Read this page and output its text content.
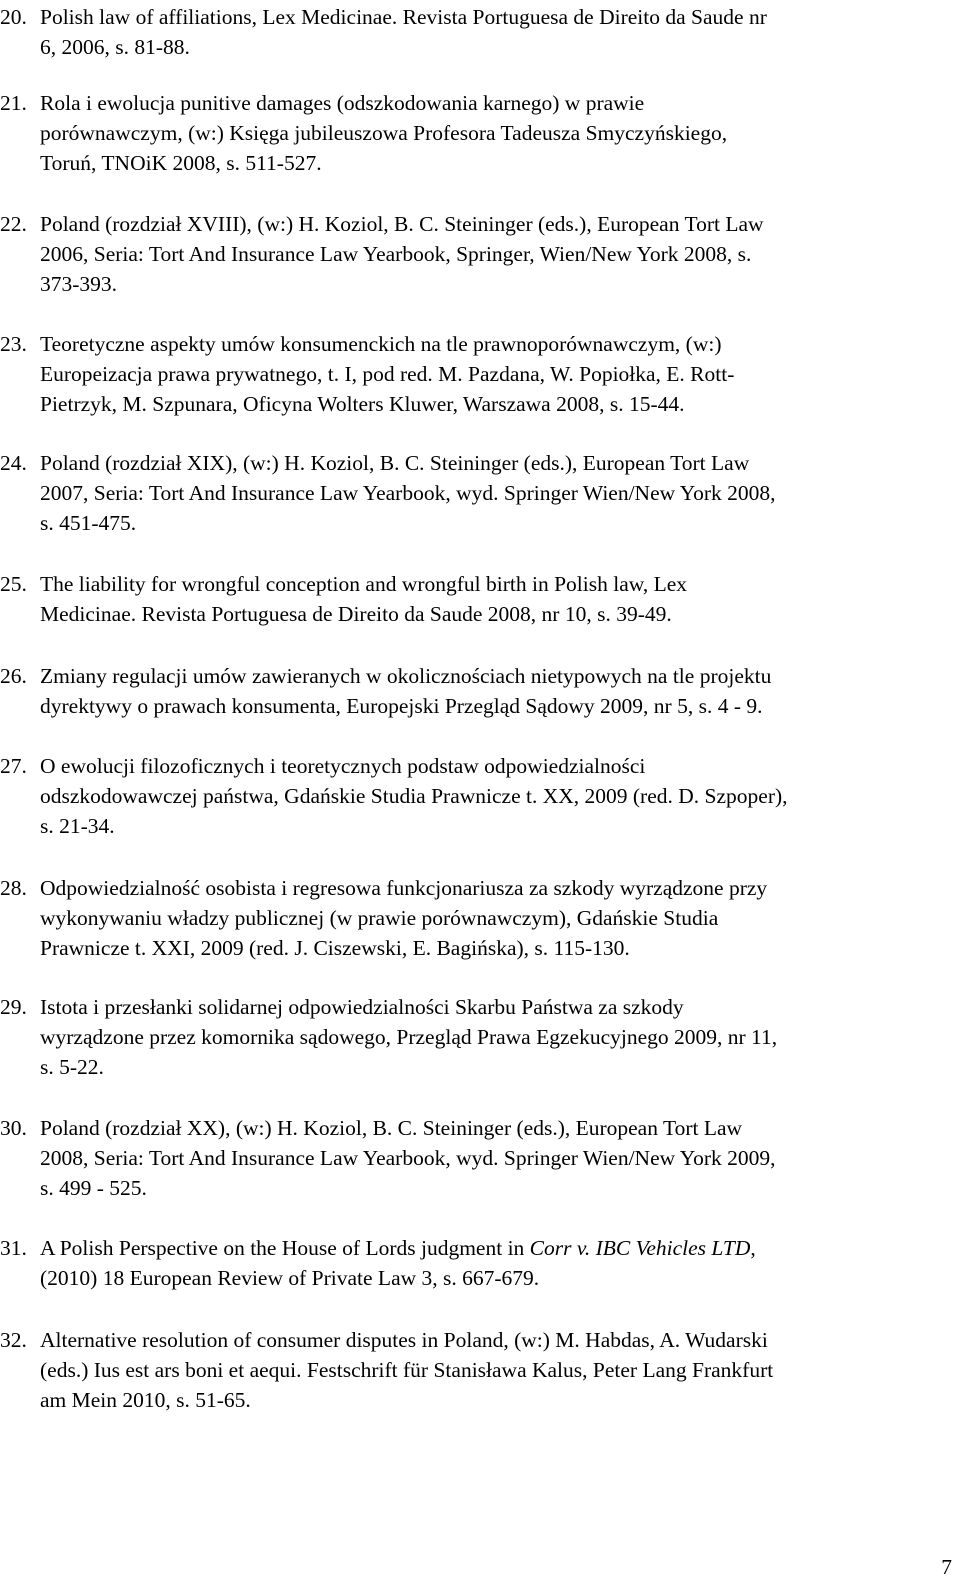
20. Polish law of affiliations, Lex Medicinae. Revista Portuguesa de Direito da Saude nr
6, 2006, s. 81-88.
21. Rola i ewolucja punitive damages (odszkodowania karnego) w prawie
porównawczym, (w:) Księga jubileuszowa Profesora Tadeusza Smyczyńskiego,
Toruń, TNOiK 2008, s. 511-527.
22. Poland (rozdział XVIII), (w:) H. Koziol, B. C. Steininger (eds.), European Tort Law
2006, Seria: Tort And Insurance Law Yearbook, Springer, Wien/New York 2008, s.
373-393.
23. Teoretyczne aspekty umów konsumenckich na tle prawnoporównawczym, (w:)
Europeizacja prawa prywatnego, t. I, pod red. M. Pazdana, W. Popiołka, E. Rott-
Pietrzyk, M. Szpunara, Oficyna Wolters Kluwer, Warszawa 2008, s. 15-44.
24. Poland (rozdział XIX), (w:) H. Koziol, B. C. Steininger (eds.), European Tort Law
2007, Seria: Tort And Insurance Law Yearbook, wyd. Springer Wien/New York 2008,
s. 451-475.
25. The liability for wrongful conception and wrongful birth in Polish law, Lex
Medicinae. Revista Portuguesa de Direito da Saude 2008, nr 10, s. 39-49.
26. Zmiany regulacji umów zawieranych w okolicznościach nietypowych na tle projektu
dyrektywy o prawach konsumenta, Europejski Przegląd Sądowy 2009, nr 5, s. 4 - 9.
27. O ewolucji filozoficznych i teoretycznych podstaw odpowiedzialności
odszkodowawczej państwa, Gdańskie Studia Prawnicze t. XX, 2009 (red. D. Szpoper),
s. 21-34.
28. Odpowiedzialność osobista i regresowa funkcjonariusza za szkody wyrządzone przy
wykonywaniu władzy publicznej (w prawie porównawczym), Gdańskie Studia
Prawnicze t. XXI, 2009 (red. J. Ciszewski, E. Bagińska), s. 115-130.
29. Istota i przesłanki solidarnej odpowiedzialności Skarbu Państwa za szkody
wyrządzone przez komornika sądowego, Przegląd Prawa Egzekucyjnego 2009, nr 11,
s. 5-22.
30. Poland (rozdział XX), (w:) H. Koziol, B. C. Steininger (eds.), European Tort Law
2008, Seria: Tort And Insurance Law Yearbook, wyd. Springer Wien/New York 2009,
s. 499 - 525.
31. A Polish Perspective on the House of Lords judgment in Corr v. IBC Vehicles LTD,
(2010) 18 European Review of Private Law 3, s. 667-679.
32. Alternative resolution of consumer disputes in Poland, (w:) M. Habdas, A. Wudarski
(eds.) Ius est ars boni et aequi. Festschrift für Stanisława Kalus, Peter Lang Frankfurt
am Mein 2010, s. 51-65.
7
